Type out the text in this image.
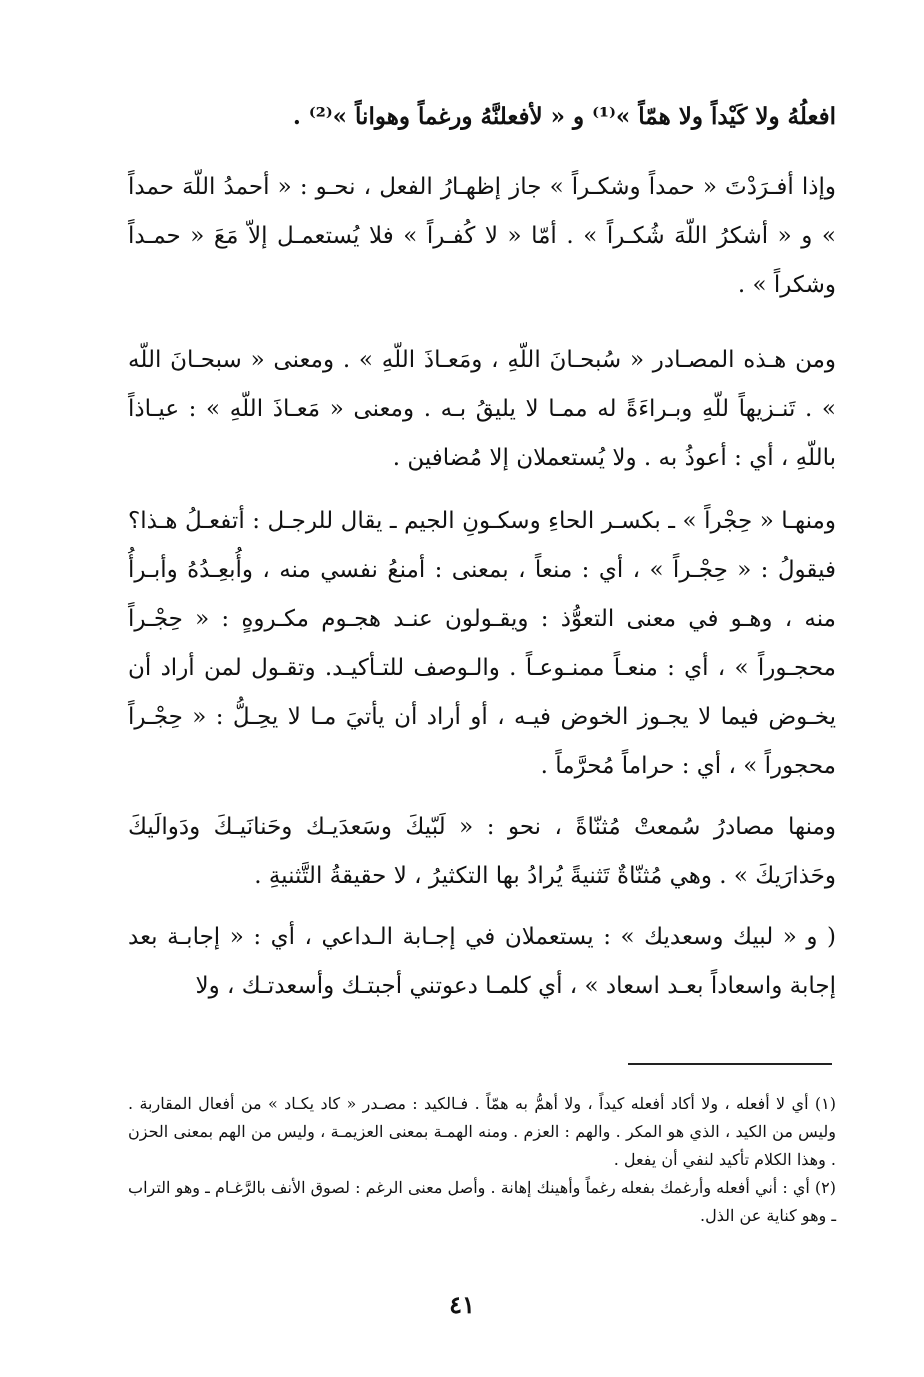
افعلُهُ ولا كَيْداً ولا همّاً »⁽¹⁾ و « لأفعلنَّهُ ورغماً وهواناً »⁽²⁾ .

وإذا أفـرَدْتَ « حمداً وشكـراً » جاز إظهـارُ الفعل ، نحـو : « أحمدُ اللّهَ حمداً » و « أشكرُ اللّهَ شُكـراً » . أمّا « لا كُفـراً » فلا يُستعمـل إلاّ مَعَ « حمـداً وشكراً » .

ومن هـذه المصـادر « سُبحـانَ اللّهِ ، ومَعـاذَ اللّهِ » . ومعنى « سبحـانَ اللّه » . تَنـزيهاً للّهِ وبـراءَةً له ممـا لا يليقُ بـه . ومعنى « مَعـاذَ اللّهِ » : عيـاذاً باللّهِ ، أي : أعوذُ به . ولا يُستعملان إلا مُضافين .

ومنهـا « حِجْراً » ـ بكسـر الحاءِ وسكـونِ الجيم ـ يقال للرجـل : أتفعـلُ هـذا؟ فيقولُ : « حِجْـراً » ، أي : منعاً ، بمعنى : أمنعُ نفسي منه ، وأُبعِـدُهُ وأبـرأُ منه ، وهـو في معنى التعوُّذ : ويقـولون عنـد هجـوم مكـروهٍ : « حِجْـراً محجـوراً » ، أي : منعـاً ممنـوعـاً . والـوصف للتـأكيـد. وتقـول لمن أراد أن يخـوض فيما لا يجـوز الخوض فيـه ، أو أراد أن يأتيَ مـا لا يحِـلُّ : « حِجْـراً محجوراً » ، أي : حراماً مُحرَّماً .

ومنها مصادرُ سُمعتْ مُثنّاةً ، نحو : « لَبّيكَ وسَعدَيـك وحَنانَيـكَ ودَوالَيكَ وحَذارَيكَ » . وهي مُثنّاةٌ تَثنيةً يُرادُ بها التكثيرُ ، لا حقيقةُ التَّثنيةِ .

( و « لبيك وسعديك » : يستعملان في إجـابة الـداعي ، أي : « إجابـة بعد إجابة واسعاداً بعـد اسعاد » ، أي كلمـا دعوتني أجبتـك وأسعدتـك ، ولا

(١) أي لا أفعله ، ولا أكاد أفعله كيداً ، ولا أهمُّ به همّاً . فـالكيد : مصـدر « كاد يكـاد » من أفعال المقاربة . وليس من الكيد ، الذي هو المكر . والهم : العزم . ومنه الهمـة بمعنى العزيمـة ، وليس من الهم بمعنى الحزن . وهذا الكلام تأكيد لنفي أن يفعل .

(٢) أي : أني أفعله وأرغمك بفعله رغماً وأهينك إهانة . وأصل معنى الرغم : لصوق الأنف بالرَّغـام ـ وهو التراب ـ وهو كناية عن الذل.

٤١
